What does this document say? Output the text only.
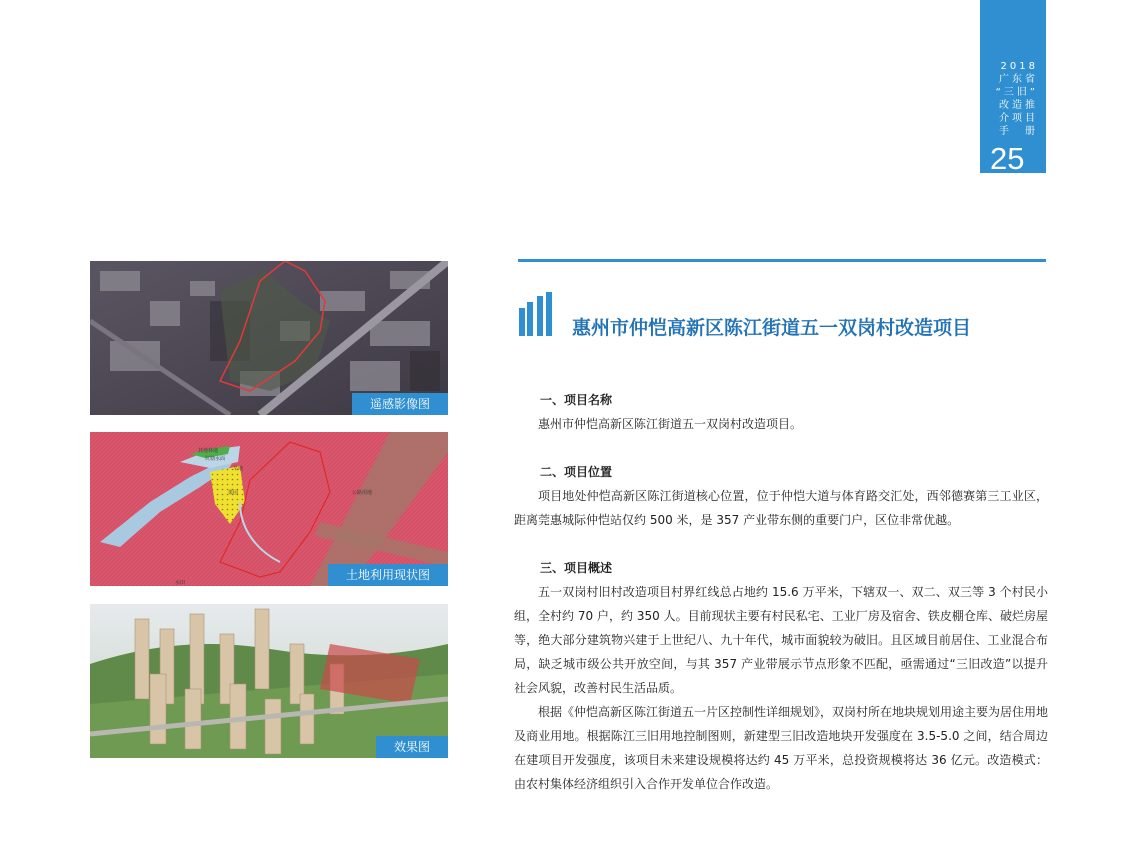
2018
广东省
“三旧”
改造推
介项目
手　册
25
遥感影像图
坑塘水面
其他林地
果园	公路用地
旱地
水田
土地利用现状图
效果图
惠州市仲恺高新区陈江街道五一双岗村改造项目
一、项目名称
惠州市仲恺高新区陈江街道五一双岗村改造项目。
二、项目位置
项目地处仲恺高新区陈江街道核心位置，位于仲恺大道与体育路交汇处，西邻德赛第三工业区，距离莞惠城际仲恺站仅约 500 米，是 357 产业带东侧的重要门户，区位非常优越。
三、项目概述
五一双岗村旧村改造项目村界红线总占地约 15.6 万平米，下辖双一、双二、双三等 3 个村民小组，全村约 70 户，约 350 人。目前现状主要有村民私宅、工业厂房及宿舍、铁皮棚仓库、破烂房屋等，绝大部分建筑物兴建于上世纪八、九十年代，城市面貌较为破旧。且区域目前居住、工业混合布局，缺乏城市级公共开放空间，与其 357 产业带展示节点形象不匹配，亟需通过“三旧改造”以提升社会风貌，改善村民生活品质。
根据《仲恺高新区陈江街道五一片区控制性详细规划》，双岗村所在地块规划用途主要为居住用地及商业用地。根据陈江三旧用地控制图则，新建型三旧改造地块开发强度在 3.5-5.0 之间，结合周边在建项目开发强度，该项目未来建设规模将达约 45 万平米，总投资规模将达 36 亿元。改造模式：由农村集体经济组织引入合作开发单位合作改造。
